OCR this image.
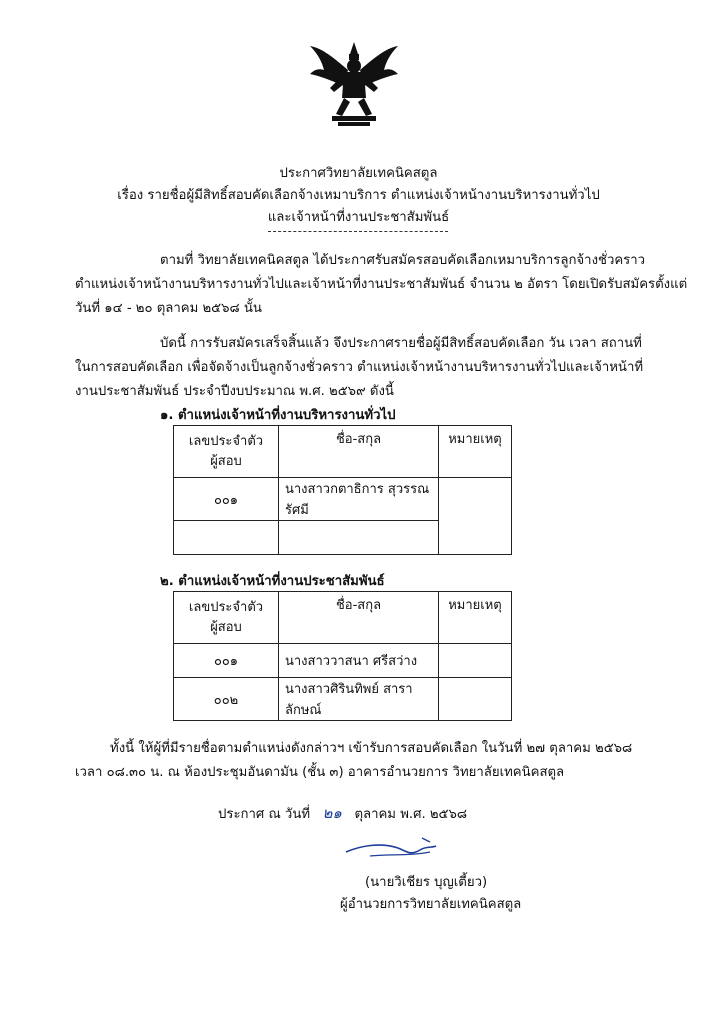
ประกาศวิทยาลัยเทคนิคสตูล
เรื่อง รายชื่อผู้มีสิทธิ์สอบคัดเลือกจ้างเหมาบริการ ตำแหน่งเจ้าหน้างานบริหารงานทั่วไป
และเจ้าหน้าที่งานประชาสัมพันธ์
ตามที่ วิทยาลัยเทคนิคสตูล ได้ประกาศรับสมัครสอบคัดเลือกเหมาบริการลูกจ้างชั่วคราว
ตำแหน่งเจ้าหน้างานบริหารงานทั่วไปและเจ้าหน้าที่งานประชาสัมพันธ์ จำนวน ๒ อัตรา โดยเปิดรับสมัครตั้งแต่
วันที่ ๑๔ - ๒๐ ตุลาคม ๒๕๖๘ นั้น
บัดนี้ การรับสมัครเสร็จสิ้นแล้ว จึงประกาศรายชื่อผู้มีสิทธิ์สอบคัดเลือก วัน เวลา สถานที่
ในการสอบคัดเลือก เพื่อจัดจ้างเป็นลูกจ้างชั่วคราว ตำแหน่งเจ้าหน้างานบริหารงานทั่วไปและเจ้าหน้าที่
งานประชาสัมพันธ์ ประจำปีงบประมาณ พ.ศ. ๒๕๖๙ ดังนี้
๑. ตำแหน่งเจ้าหน้าที่งานบริหารงานทั่วไป
เลขประจำตัว
ผู้สอบ	ชื่อ-สกุล	หมายเหตุ
๐๐๑	นางสาวกตาธิการ สุวรรณรัศมี	

๒. ตำแหน่งเจ้าหน้าที่งานประชาสัมพันธ์
เลขประจำตัว
ผู้สอบ	ชื่อ-สกุล	หมายเหตุ
๐๐๑	นางสาววาสนา ศรีสว่าง	
๐๐๒	นางสาวศิรินทิพย์ สาราลักษณ์	
ทั้งนี้ ให้ผู้ที่มีรายชื่อตามตำแหน่งดังกล่าวฯ เข้ารับการสอบคัดเลือก ในวันที่ ๒๗ ตุลาคม ๒๕๖๘
เวลา ๐๘.๓๐ น. ณ ห้องประชุมอันดามัน (ชั้น ๓) อาคารอำนวยการ วิทยาลัยเทคนิคสตูล
ประกาศ ณ วันที่ ๒๑ ตุลาคม พ.ศ. ๒๕๖๘
(นายวิเชียร บุญเตี้ยว)
ผู้อำนวยการวิทยาลัยเทคนิคสตูล
